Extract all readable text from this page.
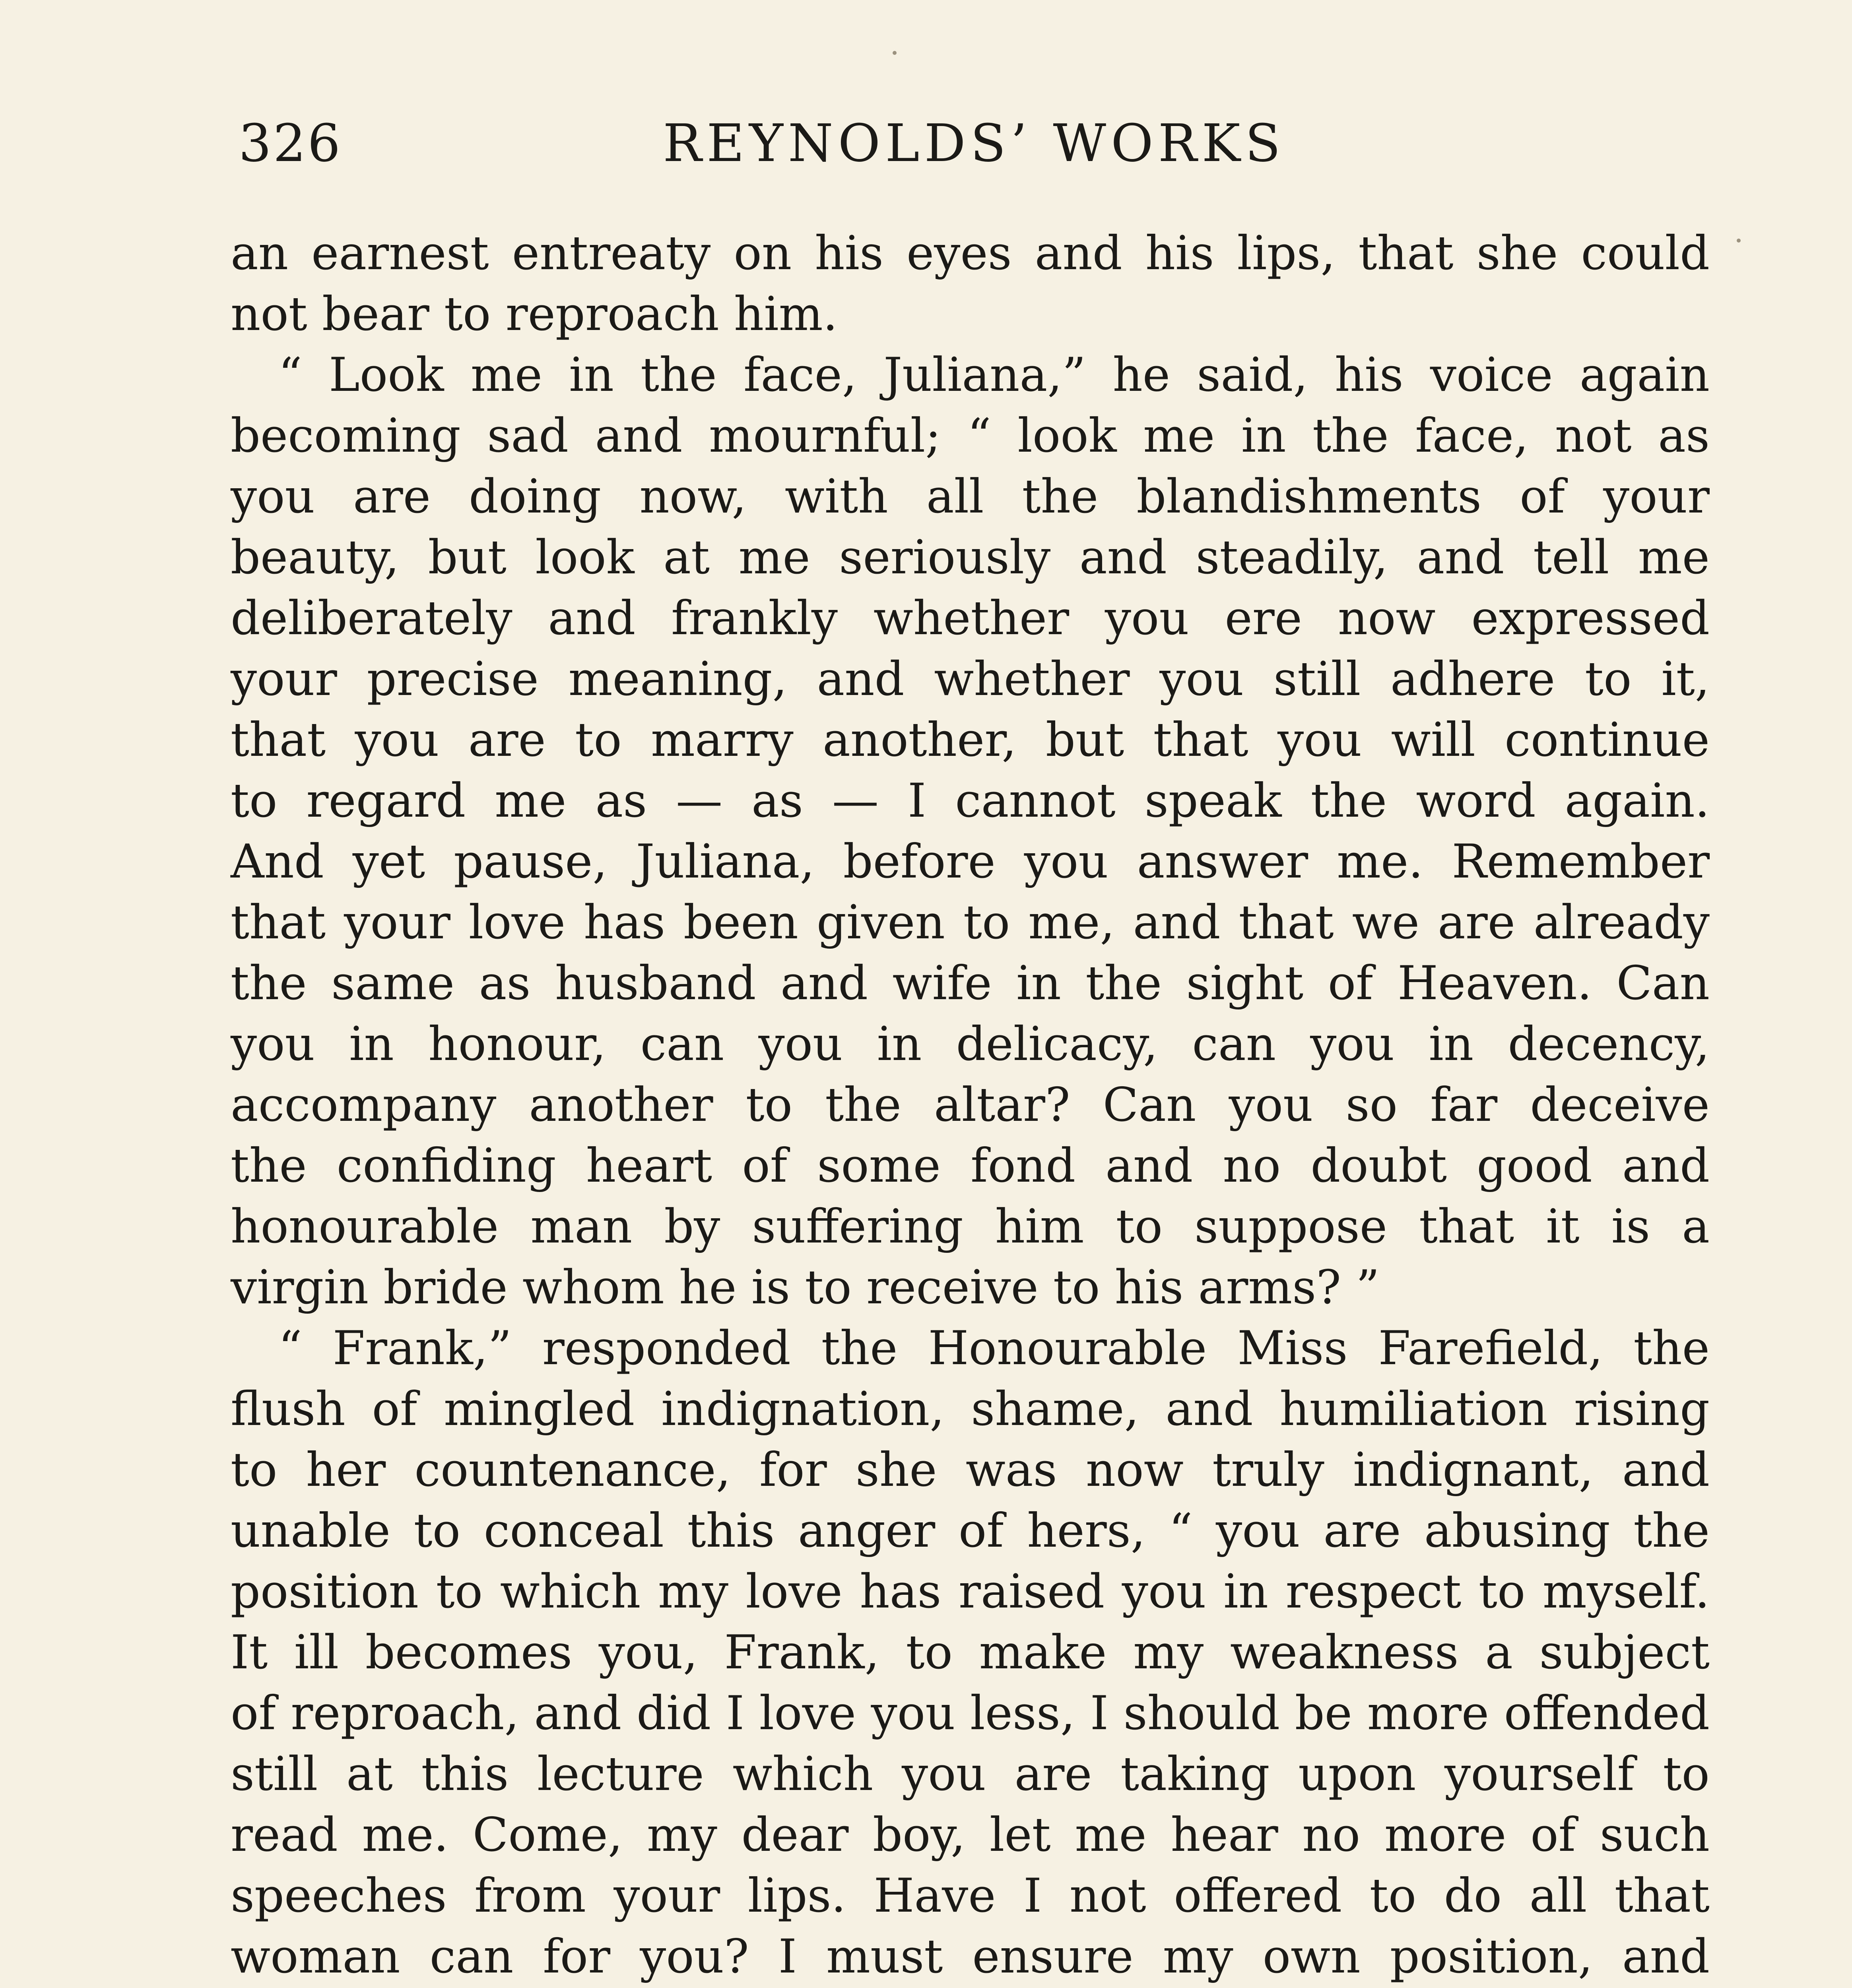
326	REYNOLDS’ WORKS
an earnest entreaty on his eyes and his lips, that she could
not bear to reproach him.
“ Look me in the face, Juliana,” he said, his voice again
becoming sad and mournful; “ look me in the face, not as
you are doing now, with all the blandishments of your
beauty, but look at me seriously and steadily, and tell me
deliberately and frankly whether you ere now expressed
your precise meaning, and whether you still adhere to it,
that you are to marry another, but that you will continue
to regard me as — as — I cannot speak the word again.
And yet pause, Juliana, before you answer me. Remember
that your love has been given to me, and that we are already
the same as husband and wife in the sight of Heaven. Can
you in honour, can you in delicacy, can you in decency,
accompany another to the altar? Can you so far deceive
the confiding heart of some fond and no doubt good and
honourable man by suffering him to suppose that it is a
virgin bride whom he is to receive to his arms? ”
“ Frank,” responded the Honourable Miss Farefield, the
flush of mingled indignation, shame, and humiliation rising
to her countenance, for she was now truly indignant, and
unable to conceal this anger of hers, “ you are abusing the
position to which my love has raised you in respect to myself.
It ill becomes you, Frank, to make my weakness a subject
of reproach, and did I love you less, I should be more offended
still at this lecture which you are taking upon yourself to
read me. Come, my dear boy, let me hear no more of such
speeches from your lips. Have I not offered to do all that
woman can for you? I must ensure my own position, and
